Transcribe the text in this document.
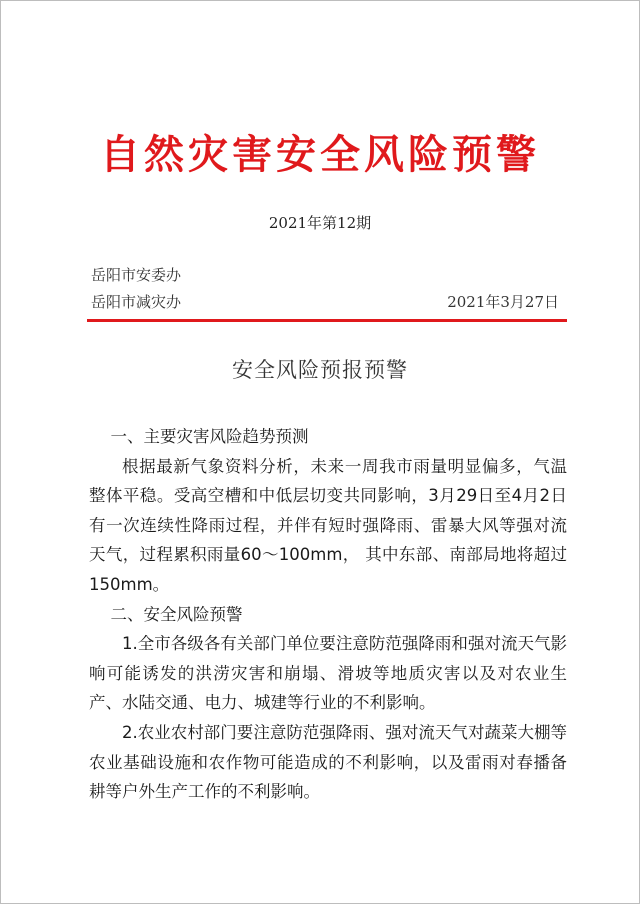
自然灾害安全风险预警
2021年第12期
岳阳市安委办
岳阳市减灾办	2021年3月27日
安全风险预报预警

一、主要灾害风险趋势预测

根据最新气象资料分析，未来一周我市雨量明显偏多，气温整体平稳。受高空槽和中低层切变共同影响，3月29日至4月2日有一次连续性降雨过程，并伴有短时强降雨、雷暴大风等强对流天气，过程累积雨量60～100mm， 其中东部、南部局地将超过150mm。

二、安全风险预警

1.全市各级各有关部门单位要注意防范强降雨和强对流天气影响可能诱发的洪涝灾害和崩塌、滑坡等地质灾害以及对农业生产、水陆交通、电力、城建等行业的不利影响。

2.农业农村部门要注意防范强降雨、强对流天气对蔬菜大棚等农业基础设施和农作物可能造成的不利影响，以及雷雨对春播备耕等户外生产工作的不利影响。
